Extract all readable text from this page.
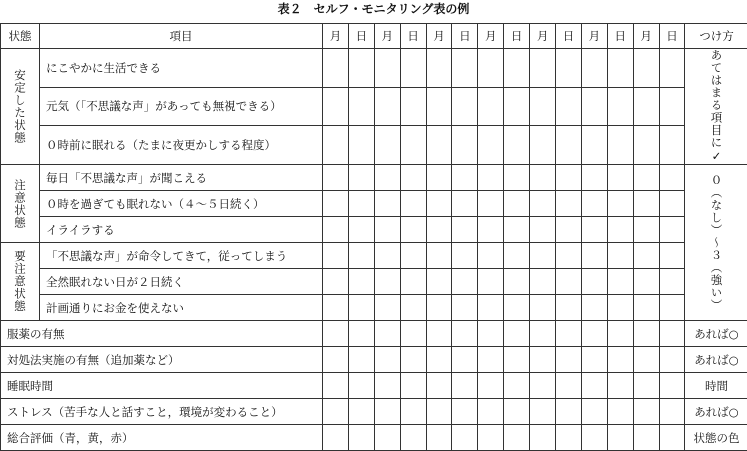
表２　セルフ・モニタリング表の例
状態	項目	月	日	月	日	月	日	月	日	月	日	月	日	月	日	つけ方

安定した状態	にこやかに生活できる															あてはまる項目に✓

	元気（「不思議な声」があっても無視できる）															
	０時前に眠れる（たまに夜更かしする程度）															

注意状態	毎日「不思議な声」が聞こえる															０（なし）〜３（強い）

	０時を過ぎても眠れない（４〜５日続く）															
	イライラする															

要注意状態	「不思議な声」が命令してきて，従ってしまう															
	全然眠れない日が２日続く															
	計画通りにお金を使えない															
服薬の有無																あれば○
対処法実施の有無（追加薬など）																あれば○
睡眠時間																時間
ストレス（苦手な人と話すこと，環境が変わること）																あれば○
総合評価（青，黄，赤）																状態の色
